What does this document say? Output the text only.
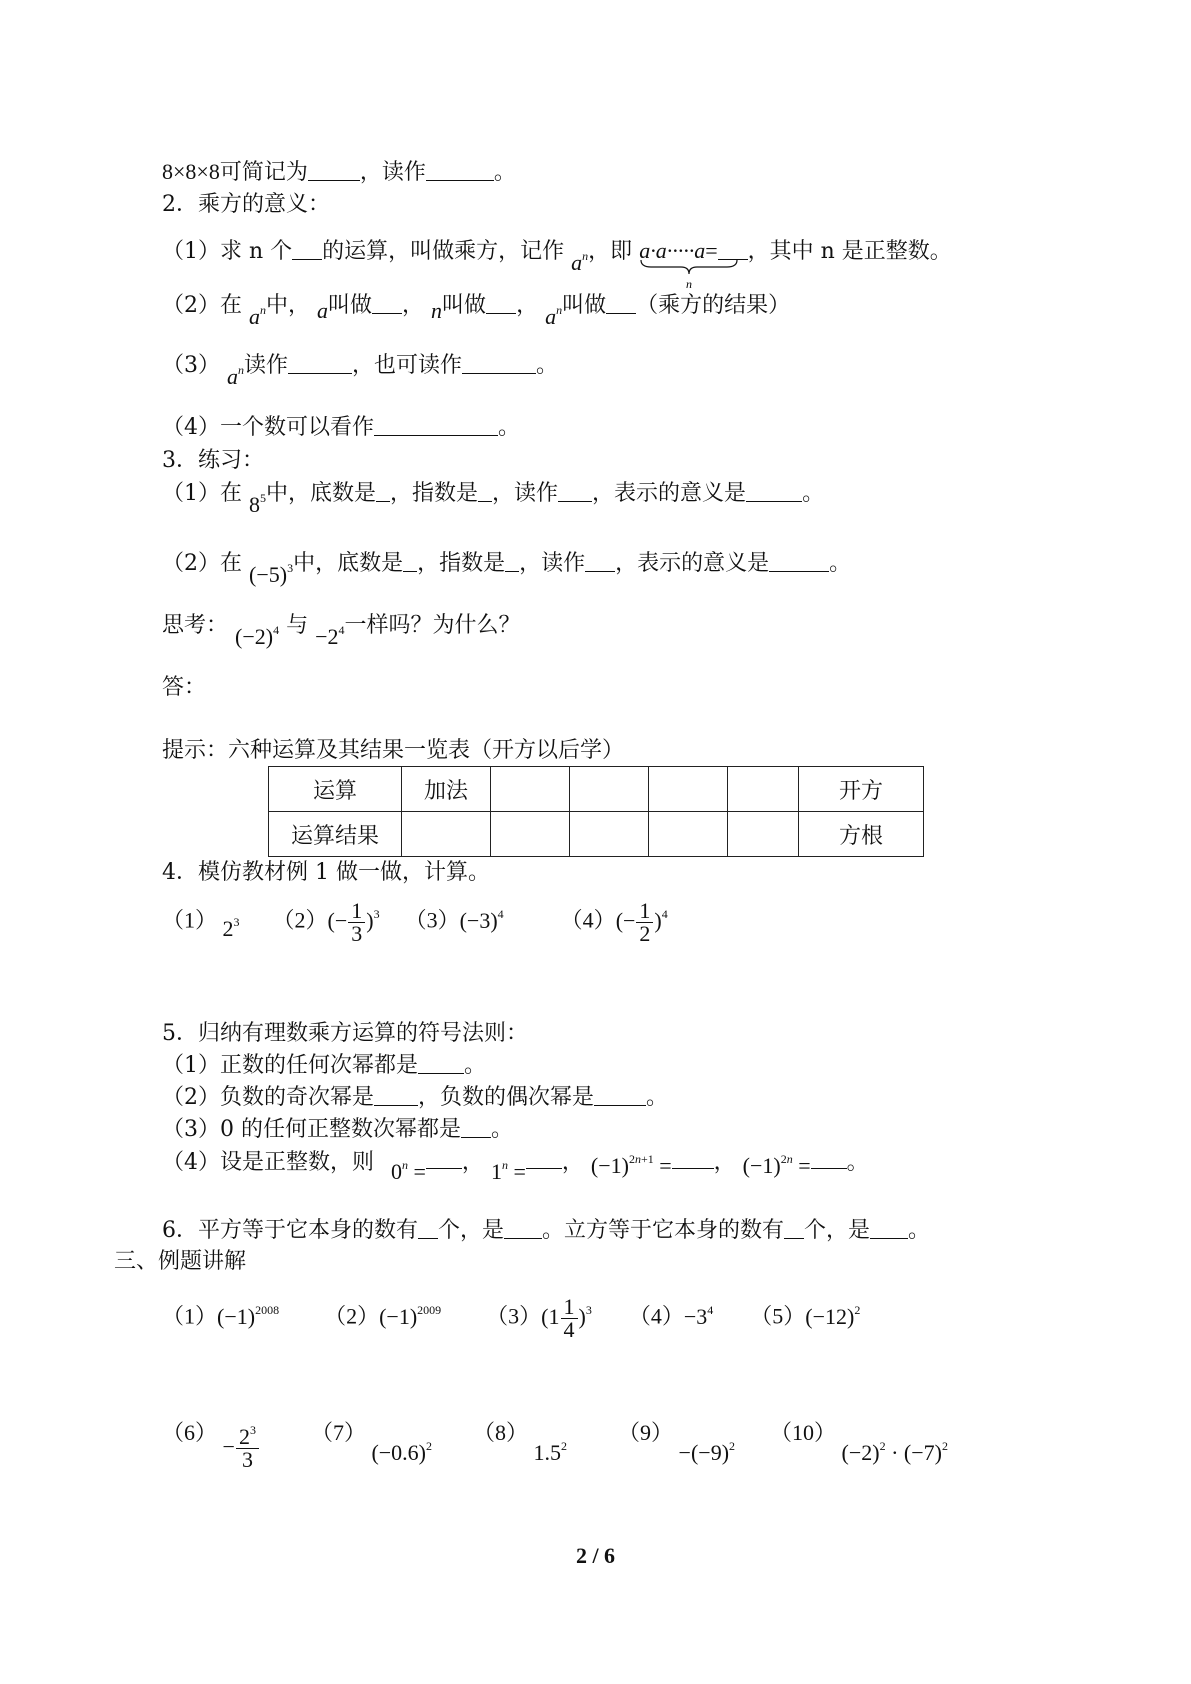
8×8×8可简记为 ，读作	。
2．乘方的意义：
（1）求 n 个 的运算，叫做乘方，记作 $a^n$，即 a·a·····a
n
= ，其中 n 是正整数。
（2）在 $a^n$中， a叫做 ， n叫做 ， $a^n$叫做 （乘方的结果）
（3） $a^n$读作	，也可读作	。
（4）一个数可以看作	。
3．练习：
（1）在 $8^5$中，底数是 ，指数是 ，读作 ，表示的意义是	。
（2）在 $(-5)^3$中，底数是 ，指数是 ，读作 ，表示的意义是	。
思考： $(-2)^4$ 与 $-2^4$一样吗？为什么？
答：
提示：六种运算及其结果一览表（开方以后学）
运算	加法					开方
运算结果						方根
4．模仿教材例 1 做一做，计算。
（1） $2^3$ $(2)(- \frac{1}{3} )^3$ $(3)(-3)^4$	$(4)(- \frac{1}{2} )^4$
5．归纳有理数乘方运算的符号法则：
（1）正数的任何次幂都是 。
（2）负数的奇次幂是 ，负数的偶次幂是 。
（3）0 的任何正整数次幂都是 。
（4）设是正整数，则 $0^n$ = ， $1^n$ = ， $(-1)^{2n+1}$ = ， $(-1)^{2n}$ = 。
6．平方等于它本身的数有 个，是 。立方等于它本身的数有 个，是 。
三、例题讲解
$(1)(-1)^{2008}$ $(2)(-1)^{2009}$ $(3)(1 \frac{1}{4} )^3$ $(4)-3^4$ $(5)(-12)^2$
$(6) - \frac{2^3}{3} (7)$ $(-0.6)^2$  （8） $1.5^2$  $(9) -(-9)^2$  （10） $(-2)^2 \cdot (-7)^2$
2 / 6
